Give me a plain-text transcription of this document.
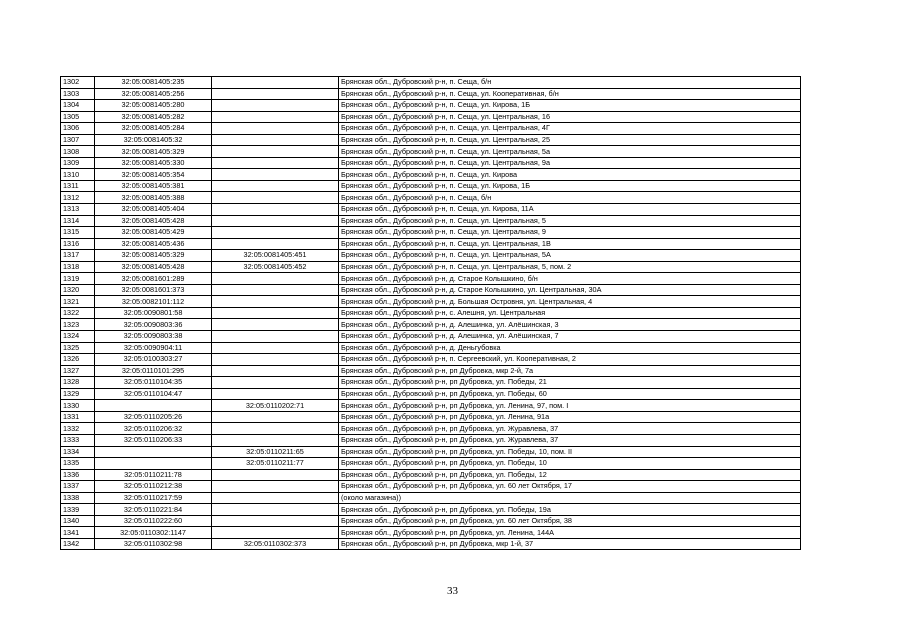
1302	32:05:0081405:235		Брянская обл., Дубровский р-н, п. Сеща, б/н
1303	32:05:0081405:256		Брянская обл., Дубровский р-н, п. Сеща, ул. Кооперативная, б/н
1304	32:05:0081405:280		Брянская обл., Дубровский р-н, п. Сеща, ул. Кирова, 1Б
1305	32:05:0081405:282		Брянская обл., Дубровский р-н, п. Сеща, ул. Центральная, 16
1306	32:05:0081405:284		Брянская обл., Дубровский р-н, п. Сеща, ул. Центральная, 4Г
1307	32:05:0081405:32		Брянская обл., Дубровский р-н, п. Сеща, ул. Центральная, 25
1308	32:05:0081405:329		Брянская обл., Дубровский р-н, п. Сеща, ул. Центральная, 5а
1309	32:05:0081405:330		Брянская обл., Дубровский р-н, п. Сеща, ул. Центральная, 9а
1310	32:05:0081405:354		Брянская обл., Дубровский р-н, п. Сеща, ул. Кирова
1311	32:05:0081405:381		Брянская обл., Дубровский р-н, п. Сеща, ул. Кирова, 1Б
1312	32:05:0081405:388		Брянская обл., Дубровский р-н, п. Сеща, б/н
1313	32:05:0081405:404		Брянская обл., Дубровский р-н, п. Сеща, ул. Кирова, 11А
1314	32:05:0081405:428		Брянская обл., Дубровский р-н, п. Сеща, ул. Центральная, 5
1315	32:05:0081405:429		Брянская обл., Дубровский р-н, п. Сеща, ул. Центральная, 9
1316	32:05:0081405:436		Брянская обл., Дубровский р-н, п. Сеща, ул. Центральная, 1В
1317	32:05:0081405:329	32:05:0081405:451	Брянская обл., Дубровский р-н, п. Сеща, ул. Центральная, 5А
1318	32:05:0081405:428	32:05:0081405:452	Брянская обл., Дубровский р-н, п. Сеща, ул. Центральная, 5, пом. 2
1319	32:05:0081601:289		Брянская обл., Дубровский р-н, д. Старое Колышкино, б/н
1320	32:05:0081601:373		Брянская обл., Дубровский р-н, д. Старое Колышкино, ул. Центральная, 30А
1321	32:05:0082101:112		Брянская обл., Дубровский р-н, д. Большая Островня, ул. Центральная, 4
1322	32:05:0090801:58		Брянская обл., Дубровский р-н, с. Алешня, ул. Центральная
1323	32:05:0090803:36		Брянская обл., Дубровский р-н, д. Алешинка, ул. Алёшинская, 3
1324	32:05:0090803:38		Брянская обл., Дубровский р-н, д. Алешинка, ул. Алёшинская, 7
1325	32:05:0090904:11		Брянская обл., Дубровский р-н, д. Деньгубовка
1326	32:05:0100303:27		Брянская обл., Дубровский р-н, п. Сергеевский, ул. Кооперативная, 2
1327	32:05:0110101:295		Брянская обл., Дубровский р-н, рп Дубровка, мкр 2-й, 7а
1328	32:05:0110104:35		Брянская обл., Дубровский р-н, рп Дубровка, ул. Победы, 21
1329	32:05:0110104:47		Брянская обл., Дубровский р-н, рп Дубровка, ул. Победы, 60
1330		32:05:0110202:71	Брянская обл., Дубровский р-н, рп Дубровка, ул. Ленина, 97, пом. I
1331	32:05:0110205:26		Брянская обл., Дубровский р-н, рп Дубровка, ул. Ленина, 91а
1332	32:05:0110206:32		Брянская обл., Дубровский р-н, рп Дубровка, ул. Журавлева, 37
1333	32:05:0110206:33		Брянская обл., Дубровский р-н, рп Дубровка, ул. Журавлева, 37
1334		32:05:0110211:65	Брянская обл., Дубровский р-н, рп Дубровка, ул. Победы, 10, пом. II
1335		32:05:0110211:77	Брянская обл., Дубровский р-н, рп Дубровка, ул. Победы, 10
1336	32:05:0110211:78		Брянская обл., Дубровский р-н, рп Дубровка, ул. Победы, 12
1337	32:05:0110212:38		Брянская обл., Дубровский р-н, рп Дубровка, ул. 60 лет Октября, 17
1338	32:05:0110217:59		(около магазина))
1339	32:05:0110221:84		Брянская обл., Дубровский р-н, рп Дубровка, ул. Победы, 19а
1340	32:05:0110222:60		Брянская обл., Дубровский р-н, рп Дубровка, ул. 60 лет Октября, 38
1341	32:05:0110302:1147		Брянская обл., Дубровский р-н, рп Дубровка, ул. Ленина, 144А
1342	32:05:0110302:98	32:05:0110302:373	Брянская обл., Дубровский р-н, рп Дубровка, мкр 1-й, 37
33
